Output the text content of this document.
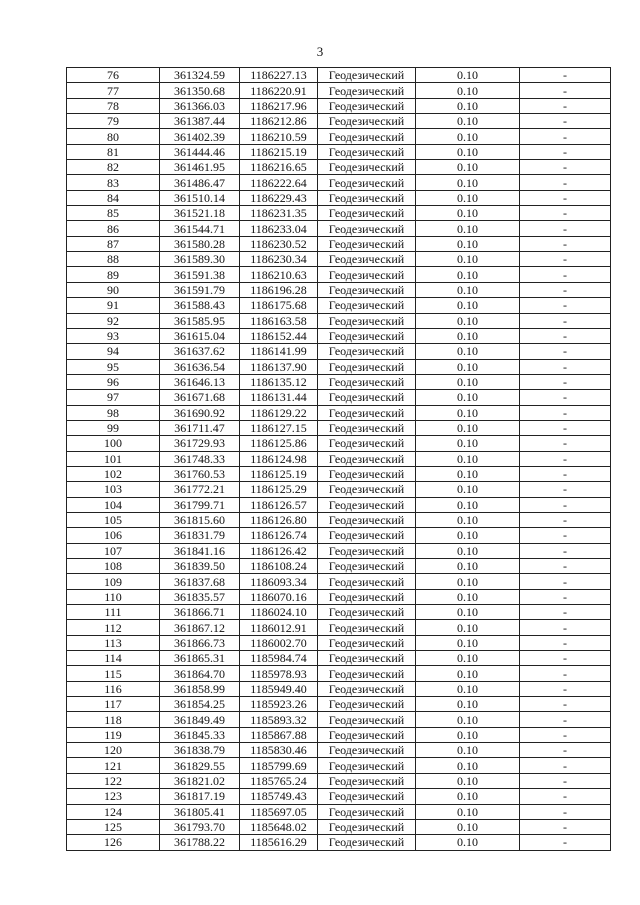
3
76	361324.59	1186227.13	Геодезический	0.10	-
77	361350.68	1186220.91	Геодезический	0.10	-
78	361366.03	1186217.96	Геодезический	0.10	-
79	361387.44	1186212.86	Геодезический	0.10	-
80	361402.39	1186210.59	Геодезический	0.10	-
81	361444.46	1186215.19	Геодезический	0.10	-
82	361461.95	1186216.65	Геодезический	0.10	-
83	361486.47	1186222.64	Геодезический	0.10	-
84	361510.14	1186229.43	Геодезический	0.10	-
85	361521.18	1186231.35	Геодезический	0.10	-
86	361544.71	1186233.04	Геодезический	0.10	-
87	361580.28	1186230.52	Геодезический	0.10	-
88	361589.30	1186230.34	Геодезический	0.10	-
89	361591.38	1186210.63	Геодезический	0.10	-
90	361591.79	1186196.28	Геодезический	0.10	-
91	361588.43	1186175.68	Геодезический	0.10	-
92	361585.95	1186163.58	Геодезический	0.10	-
93	361615.04	1186152.44	Геодезический	0.10	-
94	361637.62	1186141.99	Геодезический	0.10	-
95	361636.54	1186137.90	Геодезический	0.10	-
96	361646.13	1186135.12	Геодезический	0.10	-
97	361671.68	1186131.44	Геодезический	0.10	-
98	361690.92	1186129.22	Геодезический	0.10	-
99	361711.47	1186127.15	Геодезический	0.10	-
100	361729.93	1186125.86	Геодезический	0.10	-
101	361748.33	1186124.98	Геодезический	0.10	-
102	361760.53	1186125.19	Геодезический	0.10	-
103	361772.21	1186125.29	Геодезический	0.10	-
104	361799.71	1186126.57	Геодезический	0.10	-
105	361815.60	1186126.80	Геодезический	0.10	-
106	361831.79	1186126.74	Геодезический	0.10	-
107	361841.16	1186126.42	Геодезический	0.10	-
108	361839.50	1186108.24	Геодезический	0.10	-
109	361837.68	1186093.34	Геодезический	0.10	-
110	361835.57	1186070.16	Геодезический	0.10	-
111	361866.71	1186024.10	Геодезический	0.10	-
112	361867.12	1186012.91	Геодезический	0.10	-
113	361866.73	1186002.70	Геодезический	0.10	-
114	361865.31	1185984.74	Геодезический	0.10	-
115	361864.70	1185978.93	Геодезический	0.10	-
116	361858.99	1185949.40	Геодезический	0.10	-
117	361854.25	1185923.26	Геодезический	0.10	-
118	361849.49	1185893.32	Геодезический	0.10	-
119	361845.33	1185867.88	Геодезический	0.10	-
120	361838.79	1185830.46	Геодезический	0.10	-
121	361829.55	1185799.69	Геодезический	0.10	-
122	361821.02	1185765.24	Геодезический	0.10	-
123	361817.19	1185749.43	Геодезический	0.10	-
124	361805.41	1185697.05	Геодезический	0.10	-
125	361793.70	1185648.02	Геодезический	0.10	-
126	361788.22	1185616.29	Геодезический	0.10	-
